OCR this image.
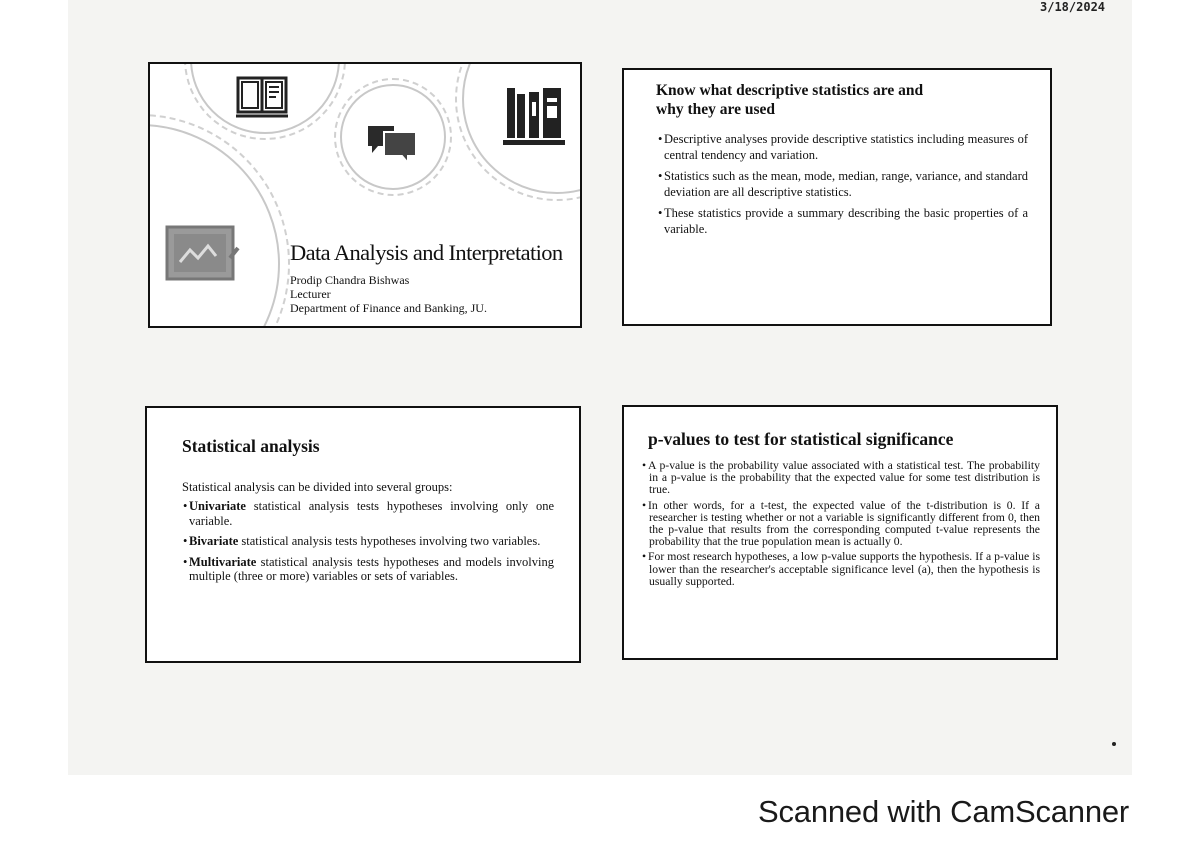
3/18/2024
Data Analysis and Interpretation
Prodip Chandra Bishwas
Lecturer
Department of Finance and Banking, JU.
Know what descriptive statistics are and
why they are used
• Descriptive analyses provide descriptive statistics including measures of central tendency and variation.
• Statistics such as the mean, mode, median, range, variance, and standard deviation are all descriptive statistics.
• These statistics provide a summary describing the basic properties of a variable.
Statistical analysis
Statistical analysis can be divided into several groups:
• Univariate statistical analysis tests hypotheses involving only one variable.
• Bivariate statistical analysis tests hypotheses involving two variables.
• Multivariate statistical analysis tests hypotheses and models involving multiple (three or more) variables or sets of variables.
p-values to test for statistical significance
• A p-value is the probability value associated with a statistical test. The probability in a p-value is the probability that the expected value for some test distribution is true.
• In other words, for a t-test, the expected value of the t-distribution is 0. If a researcher is testing whether or not a variable is significantly different from 0, then the p-value that results from the corresponding computed t-value represents the probability that the true population mean is actually 0.
• For most research hypotheses, a low p-value supports the hypothesis. If a p-value is lower than the researcher's acceptable significance level (a), then the hypothesis is usually supported.
Scanned with CamScanner
